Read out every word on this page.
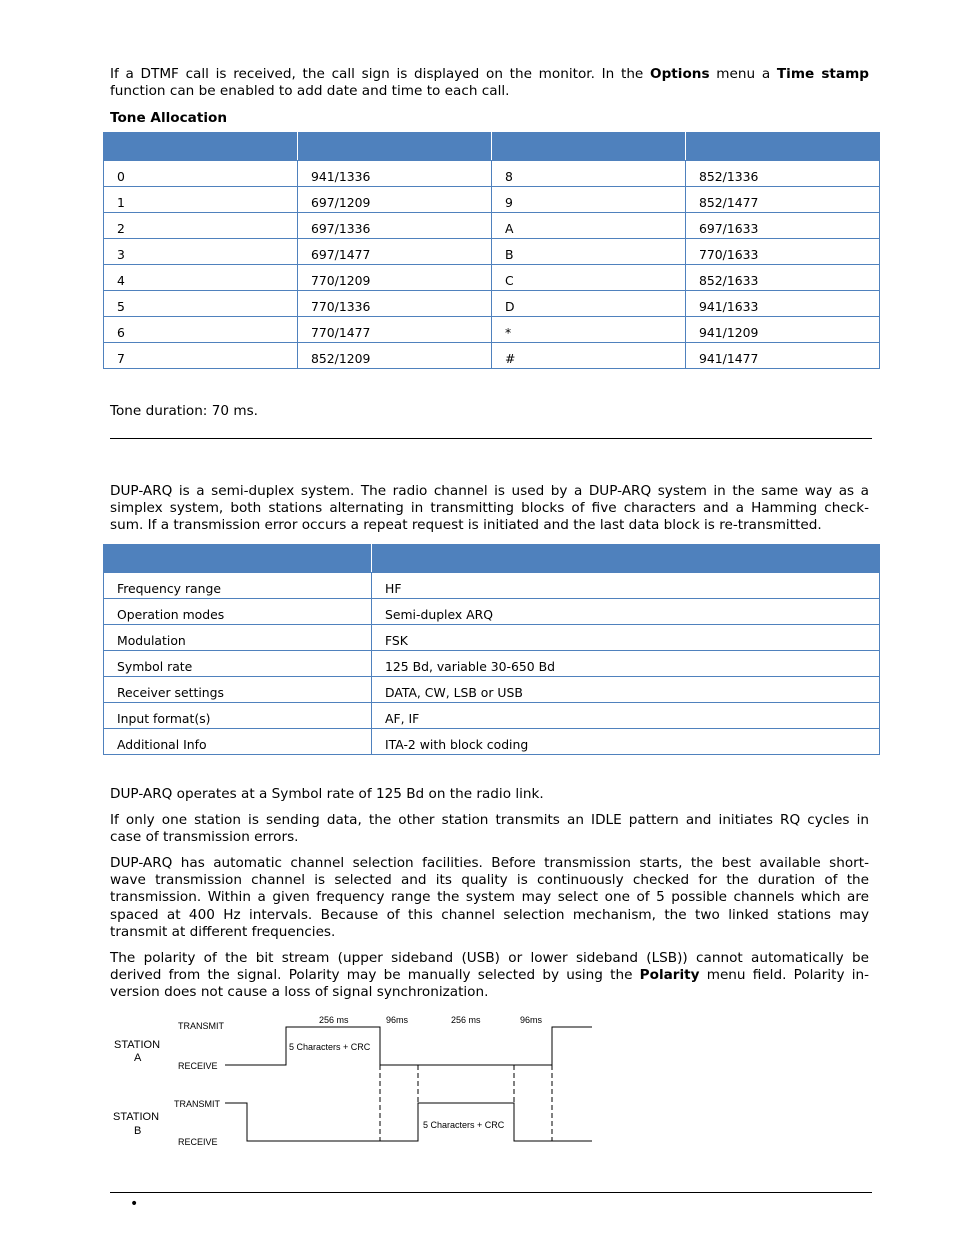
If a DTMF call is received, the call sign is displayed on the monitor. In the Options menu a Time stamp
function can be enabled to add date and time to each call.
Tone Allocation

0	941/1336	8	852/1336
1	697/1209	9	852/1477
2	697/1336	A	697/1633
3	697/1477	B	770/1633
4	770/1209	C	852/1633
5	770/1336	D	941/1633
6	770/1477	*	941/1209
7	852/1209	#	941/1477
Tone duration: 70 ms.
DUP-ARQ is a semi-duplex system. The radio channel is used by a DUP-ARQ system in the same way as a
simplex system, both stations alternating in transmitting blocks of five characters and a Hamming check-
sum. If a transmission error occurs a repeat request is initiated and the last data block is re-transmitted.

Frequency range	HF
Operation modes	Semi-duplex ARQ
Modulation	FSK
Symbol rate	125 Bd, variable 30-650 Bd
Receiver settings	DATA, CW, LSB or USB
Input format(s)	AF, IF
Additional Info	ITA-2 with block coding
DUP-ARQ operates at a Symbol rate of 125 Bd on the radio link.
If only one station is sending data, the other station transmits an IDLE pattern and initiates RQ cycles in
case of transmission errors.
DUP-ARQ has automatic channel selection facilities. Before transmission starts, the best available short-
wave transmission channel is selected and its quality is continuously checked for the duration of the
transmission. Within a given frequency range the system may select one of 5 possible channels which are
spaced at 400 Hz intervals. Because of this channel selection mechanism, the two linked stations may
transmit at different frequencies.
The polarity of the bit stream (upper sideband (USB) or lower sideband (LSB)) cannot automatically be
derived from the signal. Polarity may be manually selected by using the Polarity menu field. Polarity in-
version does not cause a loss of signal synchronization.
STATION
A
STATION
B
TRANSMIT
RECEIVE
TRANSMIT
RECEIVE
256 ms	96ms	256 ms	96ms
5 Characters + CRC
5 Characters + CRC
•
